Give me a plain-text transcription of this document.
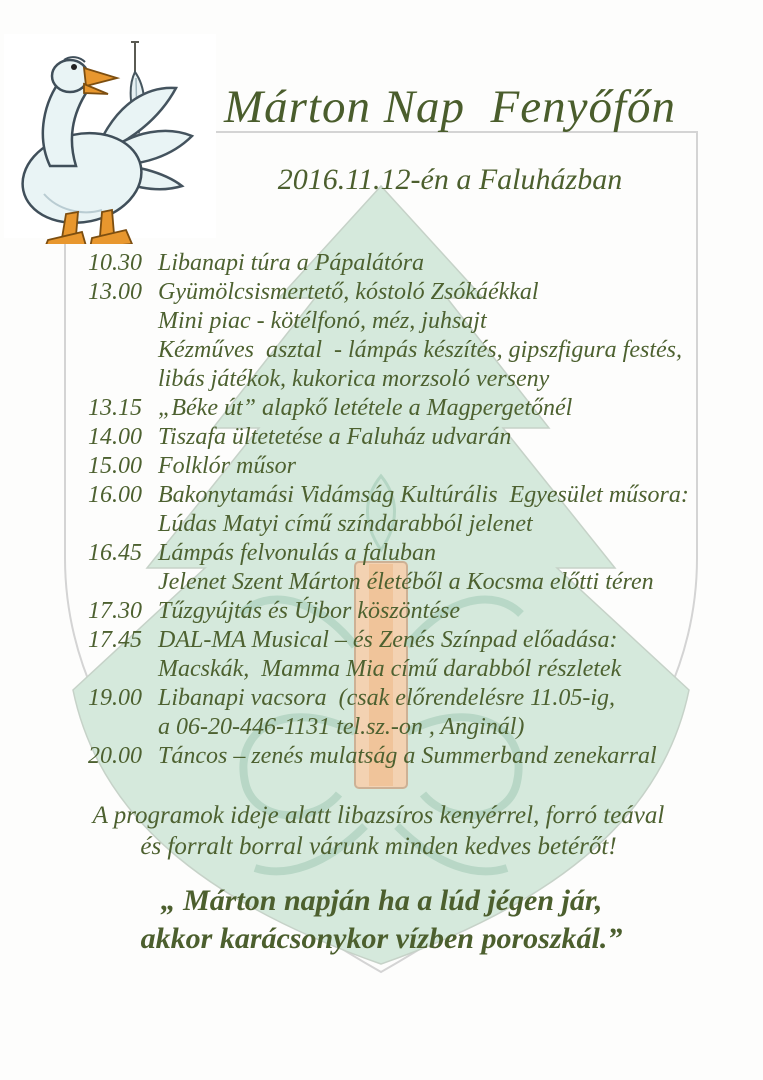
Márton Nap  Fenyőfőn
2016.11.12-én a Faluházban
10.30 Libanapi túra a Pápalátóra
13.00 Gyümölcsismertető, kóstoló Zsókáékkal
Mini piac - kötélfonó, méz, juhsajt
Kézműves  asztal  - lámpás készítés, gipszfigura festés,
libás játékok, kukorica morzsoló verseny
13.15 „Béke út” alapkő letétele a Magpergetőnél
14.00 Tiszafa ültetetése a Faluház udvarán
15.00 Folklór műsor
16.00 Bakonytamási Vidámság Kultúrális  Egyesület műsora:
Lúdas Matyi című színdarabból jelenet
16.45 Lámpás felvonulás a faluban
Jelenet Szent Márton életéből a Kocsma előtti téren
17.30 Tűzgyújtás és Újbor köszöntése
17.45 DAL-MA Musical – és Zenés Színpad előadása:
Macskák,  Mamma Mia című darabból részletek
19.00 Libanapi vacsora  (csak előrendelésre 11.05-ig,
a 06-20-446-1131 tel.sz.-on , Anginál)
20.00 Táncos – zenés mulatság a Summerband zenekarral
A programok ideje alatt libazsíros kenyérrel, forró teával
és forralt borral várunk minden kedves betérőt!
„ Márton napján ha a lúd jégen jár,
akkor karácsonykor vízben poroszkál.”
